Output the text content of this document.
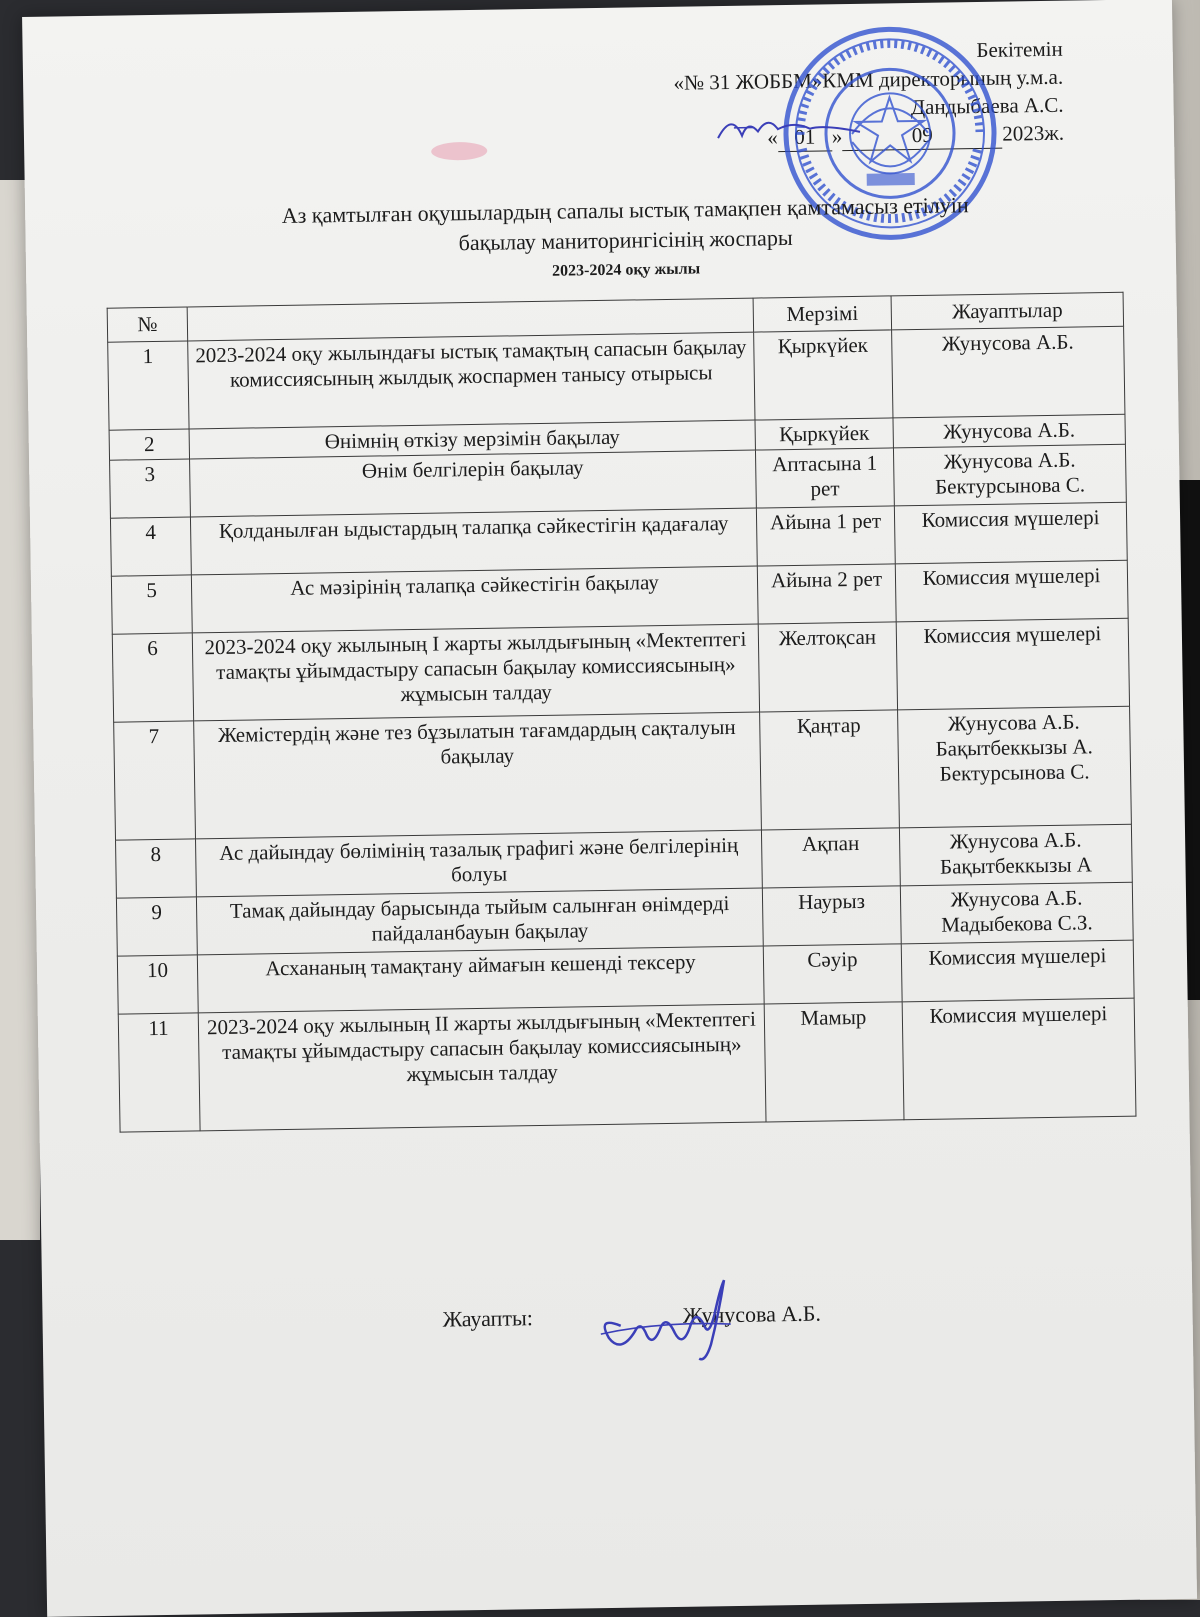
Бекітемін
«№ 31 ЖОББМ»КММ директорының у.м.а.
Дандыбаева А.С.
« 01 »	09	2023ж.
Аз қамтылған оқушылардың сапалы ыстық тамақпен қамтамасыз етілуін
бақылау маниторингісінің жоспары
2023-2024 оқу жылы
№		Мерзімі	Жауаптылар
1	2023-2024 оқу жылындағы ыстық тамақтың сапасын бақылау комиссиясының жылдық жоспармен танысу отырысы	Қыркүйек	Жунусова А.Б.
2	Өнімнің өткізу мерзімін бақылау	Қыркүйек	Жунусова А.Б.
3	Өнім белгілерін бақылау	Аптасына 1 рет	Жунусова А.Б. Бектурсынова С.
4	Қолданылған ыдыстардың талапқа сәйкестігін қадағалау	Айына 1 рет	Комиссия мүшелері
5	Ас мәзірінің талапқа сәйкестігін бақылау	Айына 2 рет	Комиссия мүшелері
6	2023-2024 оқу жылының І жарты жылдығының «Мектептегі тамақты ұйымдастыру сапасын бақылау комиссиясының» жұмысын талдау	Желтоқсан	Комиссия мүшелері
7	Жемістердің және тез бұзылатын тағамдардың сақталуын бақылау	Қаңтар	Жунусова А.Б. Бақытбеккызы А. Бектурсынова С.
8	Ас дайындау бөлімінің тазалық графигі және белгілерінің болуы	Ақпан	Жунусова А.Б. Бақытбеккызы А
9	Тамақ дайындау барысында тыйым салынған өнімдерді пайдаланбауын бақылау	Наурыз	Жунусова А.Б. Мадыбекова С.З.
10	Асхананың тамақтану аймағын кешенді тексеру	Сәуір	Комиссия мүшелері
11	2023-2024 оқу жылының ІІ жарты жылдығының «Мектептегі тамақты ұйымдастыру сапасын бақылау комиссиясының» жұмысын талдау	Мамыр	Комиссия мүшелері
Жауапты:	Жунусова А.Б.
